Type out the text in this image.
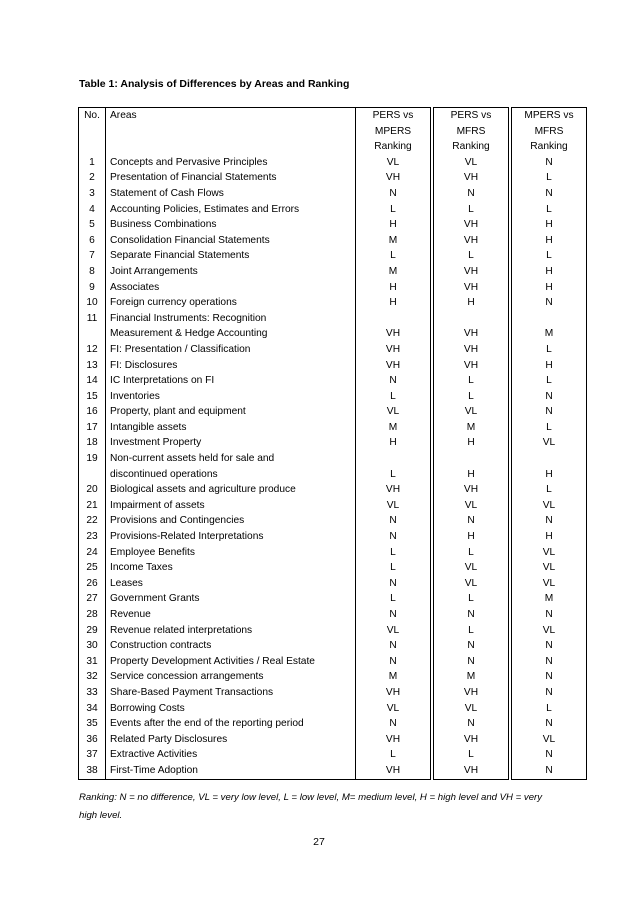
Table 1: Analysis of Differences by Areas and Ranking
No.	Areas	PERS vs		PERS vs		MPERS vs
		MPERS		MFRS		MFRS
		Ranking		Ranking		Ranking
1	Concepts and Pervasive Principles	VL		VL		N
2	Presentation of Financial Statements	VH		VH		L
3	Statement of Cash Flows	N		N		N
4	Accounting Policies, Estimates and Errors	L		L		L
5	Business Combinations	H		VH		H
6	Consolidation Financial Statements	M		VH		H
7	Separate Financial Statements	L		L		L
8	Joint Arrangements	M		VH		H
9	Associates	H		VH		H
10	Foreign currency operations	H		H		N
11	Financial Instruments: Recognition					
	Measurement & Hedge Accounting	VH		VH		M
12	FI: Presentation / Classification	VH		VH		L
13	FI: Disclosures	VH		VH		H
14	IC Interpretations on FI	N		L		L
15	Inventories	L		L		N
16	Property, plant and equipment	VL		VL		N
17	Intangible assets	M		M		L
18	Investment Property	H		H		VL
19	Non-current assets held for sale and					
	discontinued operations	L		H		H
20	Biological assets and agriculture produce	VH		VH		L
21	Impairment of assets	VL		VL		VL
22	Provisions and Contingencies	N		N		N
23	Provisions-Related Interpretations	N		H		H
24	Employee Benefits	L		L		VL
25	Income Taxes	L		VL		VL
26	Leases	N		VL		VL
27	Government Grants	L		L		M
28	Revenue	N		N		N
29	Revenue related interpretations	VL		L		VL
30	Construction contracts	N		N		N
31	Property Development Activities / Real Estate	N		N		N
32	Service concession arrangements	M		M		N
33	Share-Based Payment Transactions	VH		VH		N
34	Borrowing Costs	VL		VL		L
35	Events after the end of the reporting period	N		N		N
36	Related Party Disclosures	VH		VH		VL
37	Extractive Activities	L		L		N
38	First-Time Adoption	VH		VH		N
Ranking: N = no difference, VL = very low level, L = low level, M= medium level, H = high level and VH = very high level.
27
